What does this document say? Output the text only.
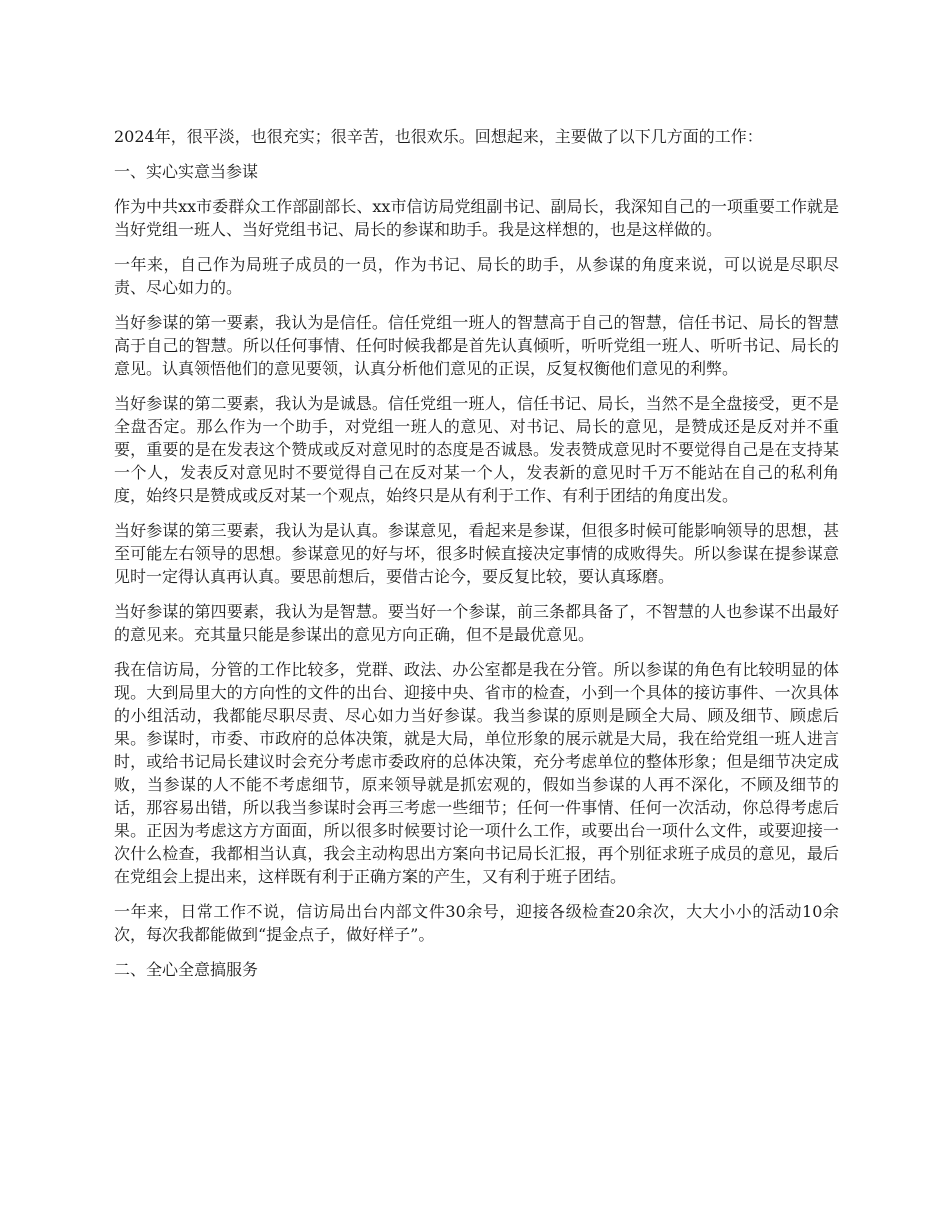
2024年，很平淡，也很充实；很辛苦，也很欢乐。回想起来，主要做了以下几方面的工作：

一、实心实意当参谋

作为中共xx市委群众工作部副部长、xx市信访局党组副书记、副局长，我深知自己的一项重要工作就是当好党组一班人、当好党组书记、局长的参谋和助手。我是这样想的，也是这样做的。

一年来，自己作为局班子成员的一员，作为书记、局长的助手，从参谋的角度来说，可以说是尽职尽责、尽心如力的。

当好参谋的第一要素，我认为是信任。信任党组一班人的智慧高于自己的智慧，信任书记、局长的智慧高于自己的智慧。所以任何事情、任何时候我都是首先认真倾听，听听党组一班人、听听书记、局长的意见。认真领悟他们的意见要领，认真分析他们意见的正误，反复权衡他们意见的利弊。

当好参谋的第二要素，我认为是诚恳。信任党组一班人，信任书记、局长，当然不是全盘接受，更不是全盘否定。那么作为一个助手，对党组一班人的意见、对书记、局长的意见，是赞成还是反对并不重要，重要的是在发表这个赞成或反对意见时的态度是否诚恳。发表赞成意见时不要觉得自己是在支持某一个人，发表反对意见时不要觉得自己在反对某一个人，发表新的意见时千万不能站在自己的私利角度，始终只是赞成或反对某一个观点，始终只是从有利于工作、有利于团结的角度出发。

当好参谋的第三要素，我认为是认真。参谋意见，看起来是参谋，但很多时候可能影响领导的思想，甚至可能左右领导的思想。参谋意见的好与坏，很多时候直接决定事情的成败得失。所以参谋在提参谋意见时一定得认真再认真。要思前想后，要借古论今，要反复比较，要认真琢磨。

当好参谋的第四要素，我认为是智慧。要当好一个参谋，前三条都具备了，不智慧的人也参谋不出最好的意见来。充其量只能是参谋出的意见方向正确，但不是最优意见。

我在信访局，分管的工作比较多，党群、政法、办公室都是我在分管。所以参谋的角色有比较明显的体现。大到局里大的方向性的文件的出台、迎接中央、省市的检查，小到一个具体的接访事件、一次具体的小组活动，我都能尽职尽责、尽心如力当好参谋。我当参谋的原则是顾全大局、顾及细节、顾虑后果。参谋时，市委、市政府的总体决策，就是大局，单位形象的展示就是大局，我在给党组一班人进言时，或给书记局长建议时会充分考虑市委政府的总体决策，充分考虑单位的整体形象；但是细节决定成败，当参谋的人不能不考虑细节，原来领导就是抓宏观的，假如当参谋的人再不深化，不顾及细节的话，那容易出错，所以我当参谋时会再三考虑一些细节；任何一件事情、任何一次活动，你总得考虑后果。正因为考虑这方方面面，所以很多时候要讨论一项什么工作，或要出台一项什么文件，或要迎接一次什么检查，我都相当认真，我会主动构思出方案向书记局长汇报，再个别征求班子成员的意见，最后在党组会上提出来，这样既有利于正确方案的产生，又有利于班子团结。

一年来，日常工作不说，信访局出台内部文件30余号，迎接各级检查20余次，大大小小的活动10余次，每次我都能做到“提金点子，做好样子”。

二、全心全意搞服务
